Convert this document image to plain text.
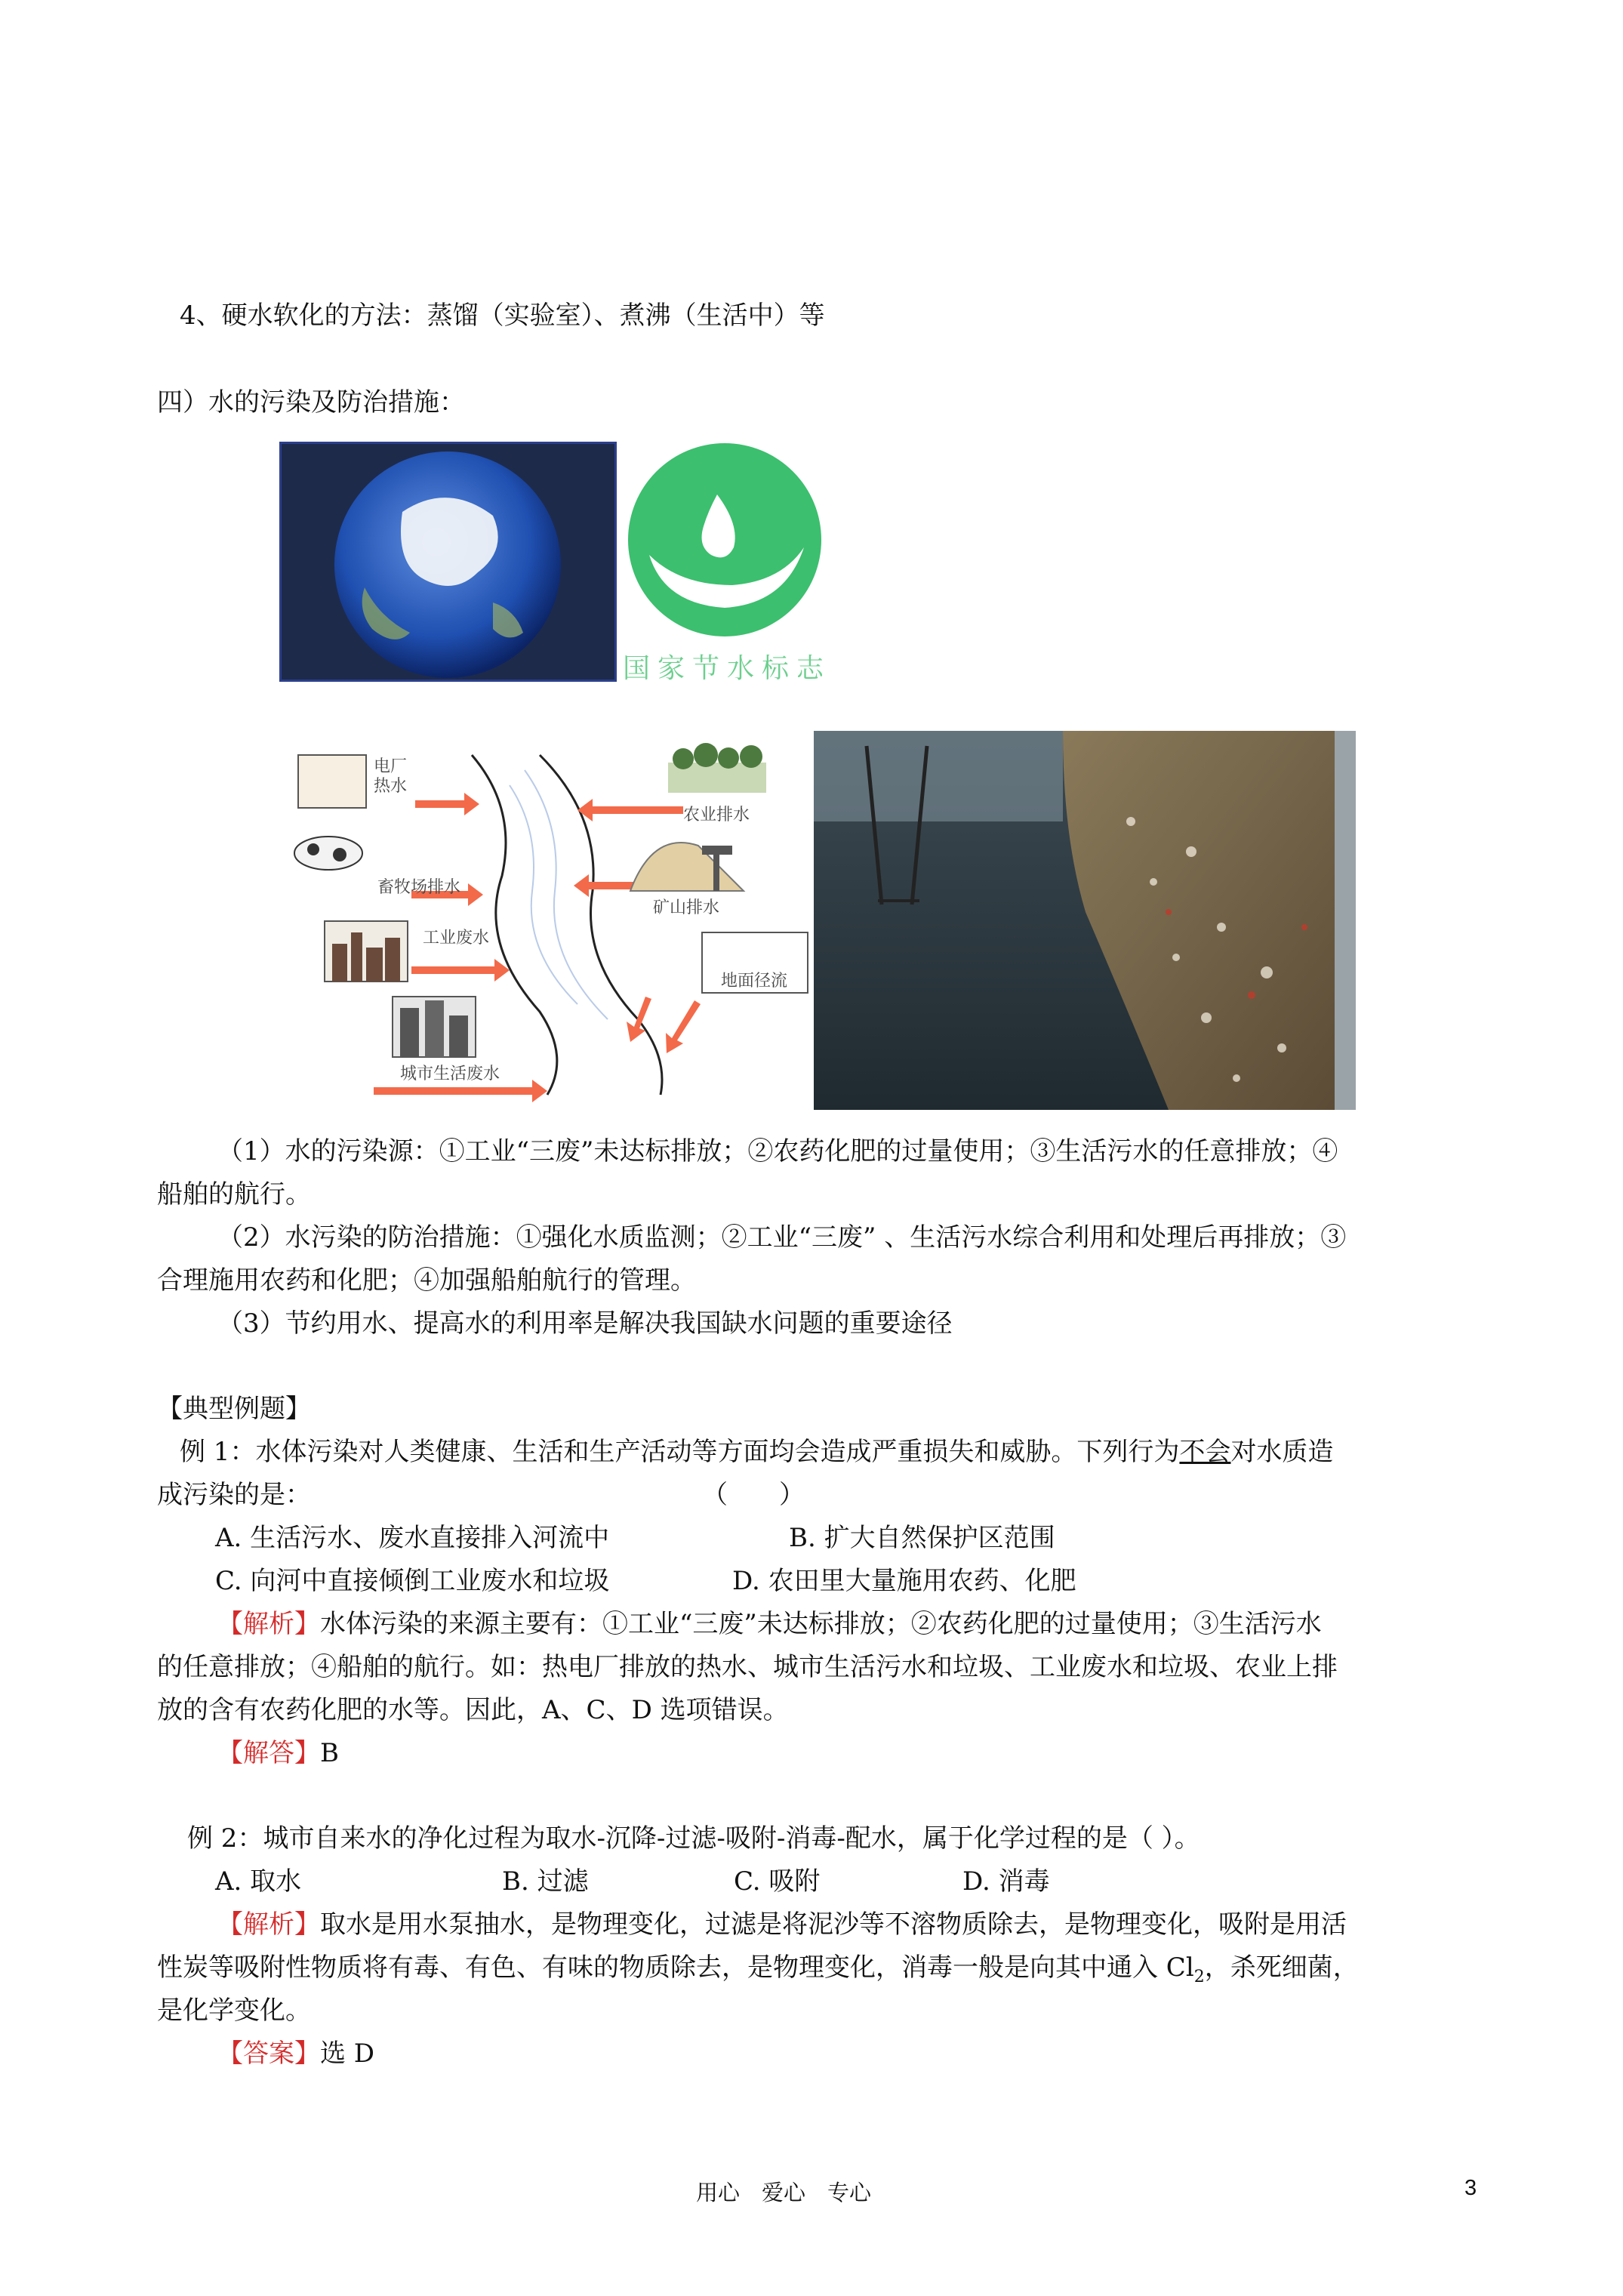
4、硬水软化的方法：蒸馏（实验室）、煮沸（生活中）等
四）水的污染及防治措施：
国家节水标志
电厂
热水
农业排水
畜牧场排水
矿山排水
工业废水
地面径流
城市生活废水
（1）水的污染源：①工业“三废”未达标排放；②农药化肥的过量使用；③生活污水的任意排放；④
船舶的航行。
（2）水污染的防治措施：①强化水质监测；②工业“三废” 、生活污水综合利用和处理后再排放；③
合理施用农药和化肥；④加强船舶航行的管理。
（3）节约用水、提高水的利用率是解决我国缺水问题的重要途径
【典型例题】
例 1：水体污染对人类健康、生活和生产活动等方面均会造成严重损失和威胁。下列行为不会对水质造
成污染的是：	（　　）
A. 生活污水、废水直接排入河流中	B. 扩大自然保护区范围
C. 向河中直接倾倒工业废水和垃圾	D. 农田里大量施用农药、化肥
【解析】水体污染的来源主要有：①工业“三废”未达标排放；②农药化肥的过量使用；③生活污水
的任意排放；④船舶的航行。如：热电厂排放的热水、城市生活污水和垃圾、工业废水和垃圾、农业上排
放的含有农药化肥的水等。因此，A、C、D 选项错误。
【解答】B
例 2：城市自来水的净化过程为取水-沉降-过滤-吸附-消毒-配水，属于化学过程的是（ ）。
A. 取水	B. 过滤	C. 吸附	D. 消毒
【解析】取水是用水泵抽水，是物理变化，过滤是将泥沙等不溶物质除去，是物理变化，吸附是用活
性炭等吸附性物质将有毒、有色、有味的物质除去，是物理变化，消毒一般是向其中通入 $Cl_2$，杀死细菌，
是化学变化。
【答案】选 D
用心　爱心　专心	3
